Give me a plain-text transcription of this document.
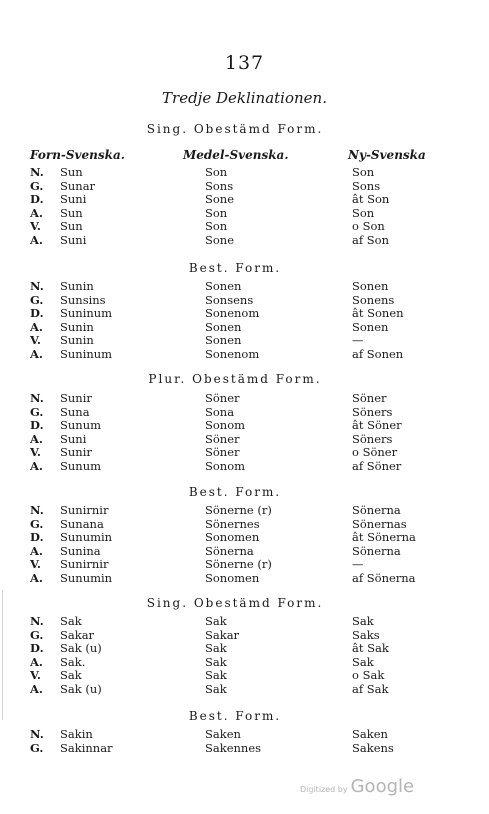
137
Tredje Deklinationen.
Forn-Svenska.	Medel-Svenska.	Ny-Svenska
Sing. Obestämd Form.
N. Sun	Son	Son
G. Sunar	Sons	Sons
D. Suni	Sone	ât Son
A. Sun	Son	Son
V. Sun	Son	o Son
A. Suni	Sone	af Son
Best. Form.
N. Sunin	Sonen	Sonen
G. Sunsins	Sonsens	Sonens
D. Suninum	Sonenom	ât Sonen
A. Sunin	Sonen	Sonen
V. Sunin	Sonen	—
A. Suninum	Sonenom	af Sonen
Plur. Obestämd Form.
N. Sunir	Söner	Söner
G. Suna	Sona	Söners
D. Sunum	Sonom	ât Söner
A. Suni	Söner	Söners
V. Sunir	Söner	o Söner
A. Sunum	Sonom	af Söner
Best. Form.
N. Sunirnir	Sönerne (r)	Sönerna
G. Sunana	Sönernes	Sönernas
D. Sunumin	Sonomen	ât Sönerna
A. Sunina	Sönerna	Sönerna
V. Sunirnir	Sönerne (r)	—
A. Sunumin	Sonomen	af Sönerna
Sing. Obestämd Form.
N. Sak	Sak	Sak
G. Sakar	Sakar	Saks
D. Sak (u)	Sak	ât Sak
A. Sak.	Sak	Sak
V. Sak	Sak	o Sak
A. Sak (u)	Sak	af Sak
Best. Form.
N. Sakin	Saken	Saken
G. Sakinnar	Sakennes	Sakens
Digitized by Google
